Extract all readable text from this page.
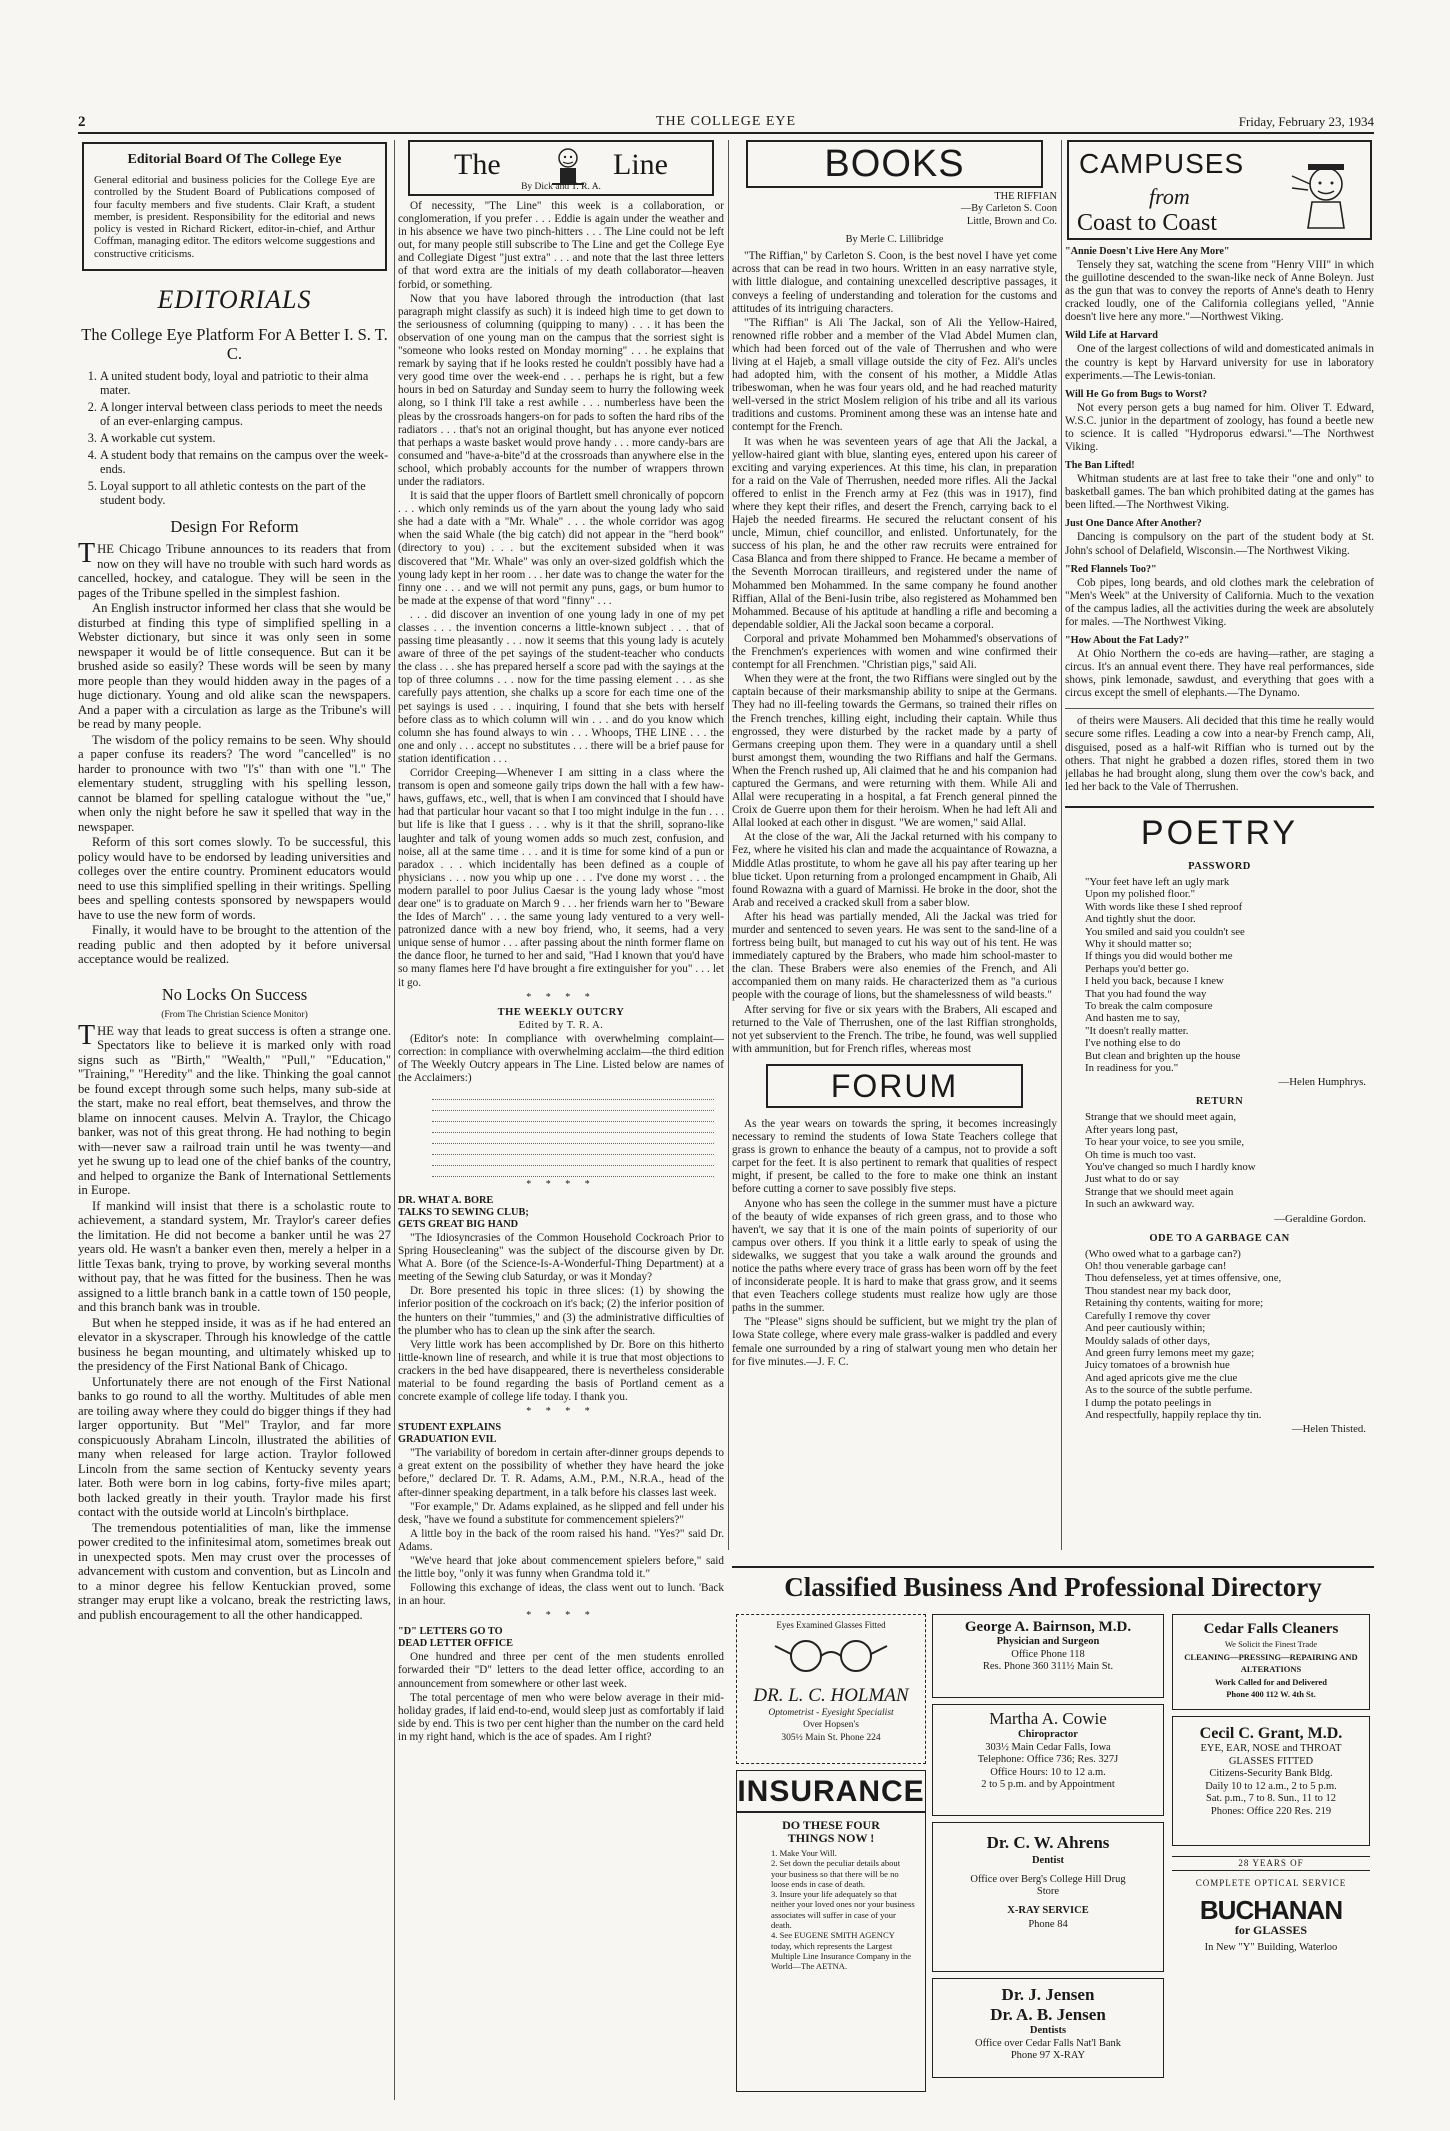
2	THE COLLEGE EYE	Friday, February 23, 1934
Editorial Board Of The College Eye

General editorial and business policies for the College Eye are controlled by the Student Board of Publications composed of four faculty members and five students. Clair Kraft, a student member, is president. Responsibility for the editorial and news policy is vested in Richard Rickert, editor-in-chief, and Arthur Coffman, managing editor. The editors welcome suggestions and constructive criticisms.

EDITORIALS
The College Eye Platform For A Better I. S. T. C.
1. A united student body, loyal and patriotic to their alma mater.
2. A longer interval between class periods to meet the needs of an ever-enlarging campus.
3. A workable cut system.
4. A student body that remains on the campus over the week-ends.
5. Loyal support to all athletic contests on the part of the student body.
Design For Reform

THE Chicago Tribune announces to its readers that from now on they will have no trouble with such hard words as cancelled, hockey, and catalogue. They will be seen in the pages of the Tribune spelled in the simplest fashion.

An English instructor informed her class that she would be disturbed at finding this type of simplified spelling in a Webster dictionary, but since it was only seen in some newspaper it would be of little consequence. But can it be brushed aside so easily? These words will be seen by many more people than they would hidden away in the pages of a huge dictionary. Young and old alike scan the newspapers. And a paper with a circulation as large as the Tribune's will be read by many people.

The wisdom of the policy remains to be seen. Why should a paper confuse its readers? The word "cancelled" is no harder to pronounce with two "l's" than with one "l." The elementary student, struggling with his spelling lesson, cannot be blamed for spelling catalogue without the "ue," when only the night before he saw it spelled that way in the newspaper.

Reform of this sort comes slowly. To be successful, this policy would have to be endorsed by leading universities and colleges over the entire country. Prominent educators would need to use this simplified spelling in their writings. Spelling bees and spelling contests sponsored by newspapers would have to use the new form of words.

Finally, it would have to be brought to the attention of the reading public and then adopted by it before universal acceptance would be realized.

No Locks On Success
(From The Christian Science Monitor)

THE way that leads to great success is often a strange one. Spectators like to believe it is marked only with road signs such as "Birth," "Wealth," "Pull," "Education," "Training," "Heredity" and the like. Thinking the goal cannot be found except through some such helps, many sub-side at the start, make no real effort, beat themselves, and throw the blame on innocent causes. Melvin A. Traylor, the Chicago banker, was not of this great throng. He had nothing to begin with—never saw a railroad train until he was twenty—and yet he swung up to lead one of the chief banks of the country, and helped to organize the Bank of International Settlements in Europe.

If mankind will insist that there is a scholastic route to achievement, a standard system, Mr. Traylor's career defies the limitation. He did not become a banker until he was 27 years old. He wasn't a banker even then, merely a helper in a little Texas bank, trying to prove, by working several months without pay, that he was fitted for the business. Then he was assigned to a little branch bank in a cattle town of 150 people, and this branch bank was in trouble.

But when he stepped inside, it was as if he had entered an elevator in a skyscraper. Through his knowledge of the cattle business he began mounting, and ultimately whisked up to the presidency of the First National Bank of Chicago.

Unfortunately there are not enough of the First National banks to go round to all the worthy. Multitudes of able men are toiling away where they could do bigger things if they had larger opportunity. But "Mel" Traylor, and far more conspicuously Abraham Lincoln, illustrated the abilities of many when released for large action. Traylor followed Lincoln from the same section of Kentucky seventy years later. Both were born in log cabins, forty-five miles apart; both lacked greatly in their youth. Traylor made his first contact with the outside world at Lincoln's birthplace.

The tremendous potentialities of man, like the immense power credited to the infinitesimal atom, sometimes break out in unexpected spots. Men may crust over the processes of advancement with custom and convention, but as Lincoln and to a minor degree his fellow Kentuckian proved, some stranger may erupt like a volcano, break the restricting laws, and publish encouragement to all the other handicapped.

The	Line
By Dick and T. R. A.

Of necessity, "The Line" this week is a collaboration, or conglomeration, if you prefer . . . Eddie is again under the weather and in his absence we have two pinch-hitters . . . The Line could not be left out, for many people still subscribe to The Line and get the College Eye and Collegiate Digest "just extra" . . . and note that the last three letters of that word extra are the initials of my death collaborator—heaven forbid, or something.

Now that you have labored through the introduction (that last paragraph might classify as such) it is indeed high time to get down to the seriousness of columning (quipping to many) . . . it has been the observation of one young man on the campus that the sorriest sight is "someone who looks rested on Monday morning" . . . he explains that remark by saying that if he looks rested he couldn't possibly have had a very good time over the week-end . . . perhaps he is right, but a few hours in bed on Saturday and Sunday seem to hurry the following week along, so I think I'll take a rest awhile . . . numberless have been the pleas by the crossroads hangers-on for pads to soften the hard ribs of the radiators . . . that's not an original thought, but has anyone ever noticed that perhaps a waste basket would prove handy . . . more candy-bars are consumed and "have-a-bite"d at the crossroads than anywhere else in the school, which probably accounts for the number of wrappers thrown under the radiators.

It is said that the upper floors of Bartlett smell chronically of popcorn . . . which only reminds us of the yarn about the young lady who said she had a date with a "Mr. Whale" . . . the whole corridor was agog when the said Whale (the big catch) did not appear in the "herd book" (directory to you) . . . but the excitement subsided when it was discovered that "Mr. Whale" was only an over-sized goldfish which the young lady kept in her room . . . her date was to change the water for the finny one . . . and we will not permit any puns, gags, or bum humor to be made at the expense of that word "finny" . . .

. . . did discover an invention of one young lady in one of my pet classes . . . the invention concerns a little-known subject . . . that of passing time pleasantly . . . now it seems that this young lady is acutely aware of three of the pet sayings of the student-teacher who conducts the class . . . she has prepared herself a score pad with the sayings at the top of three columns . . . now for the time passing element . . . as she carefully pays attention, she chalks up a score for each time one of the pet sayings is used . . . inquiring, I found that she bets with herself before class as to which column will win . . . and do you know which column she has found always to win . . . Whoops, THE LINE . . . the one and only . . . accept no substitutes . . . there will be a brief pause for station identification . . .

Corridor Creeping—Whenever I am sitting in a class where the transom is open and someone gaily trips down the hall with a few haw-haws, guffaws, etc., well, that is when I am convinced that I should have had that particular hour vacant so that I too might indulge in the fun . . . but life is like that I guess . . . why is it that the shrill, soprano-like laughter and talk of young women adds so much zest, confusion, and noise, all at the same time . . . and it is time for some kind of a pun or paradox . . . which incidentally has been defined as a couple of physicians . . . now you whip up one . . . I've done my worst . . . the modern parallel to poor Julius Caesar is the young lady whose "most dear one" is to graduate on March 9 . . . her friends warn her to "Beware the Ides of March" . . . the same young lady ventured to a very well-patronized dance with a new boy friend, who, it seems, had a very unique sense of humor . . . after passing about the ninth former flame on the dance floor, he turned to her and said, "Had I known that you'd have so many flames here I'd have brought a fire extinguisher for you" . . . let it go.

* * * *
THE WEEKLY OUTCRY
Edited by T. R. A.

(Editor's note: In compliance with overwhelming complaint—correction: in compliance with overwhelming acclaim—the third edition of The Weekly Outcry appears in The Line. Listed below are names of the Acclaimers:)

* * * *
DR. WHAT A. BORE
TALKS TO SEWING CLUB;
GETS GREAT BIG HAND

"The Idiosyncrasies of the Common Household Cockroach Prior to Spring Housecleaning" was the subject of the discourse given by Dr. What A. Bore (of the Science-Is-A-Wonderful-Thing Department) at a meeting of the Sewing club Saturday, or was it Monday?

Dr. Bore presented his topic in three slices: (1) by showing the inferior position of the cockroach on it's back; (2) the inferior position of the hunters on their "tummies," and (3) the administrative difficulties of the plumber who has to clean up the sink after the search.

Very little work has been accomplished by Dr. Bore on this hitherto little-known line of research, and while it is true that most objections to crackers in the bed have disappeared, there is nevertheless considerable material to be found regarding the basis of Portland cement as a concrete example of college life today. I thank you.

* * * *
STUDENT EXPLAINS
GRADUATION EVIL

"The variability of boredom in certain after-dinner groups depends to a great extent on the possibility of whether they have heard the joke before," declared Dr. T. R. Adams, A.M., P.M., N.R.A., head of the after-dinner speaking department, in a talk before his classes last week.

"For example," Dr. Adams explained, as he slipped and fell under his desk, "have we found a substitute for commencement spielers?"

A little boy in the back of the room raised his hand. "Yes?" said Dr. Adams.

"We've heard that joke about commencement spielers before," said the little boy, "only it was funny when Grandma told it."

Following this exchange of ideas, the class went out to lunch. 'Back in an hour.

* * * *
"D" LETTERS GO TO
DEAD LETTER OFFICE

One hundred and three per cent of the men students enrolled forwarded their "D" letters to the dead letter office, according to an announcement from somewhere or other last week.

The total percentage of men who were below average in their mid-holiday grades, if laid end-to-end, would sleep just as comfortably if laid side by end. This is two per cent higher than the number on the card held in my right hand, which is the ace of spades. Am I right?

BOOKS
THE RIFFIAN
—By Carleton S. Coon
Little, Brown and Co.
By Merle C. Lillibridge

"The Riffian," by Carleton S. Coon, is the best novel I have yet come across that can be read in two hours. Written in an easy narrative style, with little dialogue, and containing unexcelled descriptive passages, it conveys a feeling of understanding and toleration for the customs and attitudes of its intriguing characters.

"The Riffian" is Ali The Jackal, son of Ali the Yellow-Haired, renowned rifle robber and a member of the Vlad Abdel Mumen clan, which had been forced out of the vale of Therrushen and who were living at el Hajeb, a small village outside the city of Fez. Ali's uncles had adopted him, with the consent of his mother, a Middle Atlas tribeswoman, when he was four years old, and he had reached maturity well-versed in the strict Moslem religion of his tribe and all its various traditions and customs. Prominent among these was an intense hate and contempt for the French.

It was when he was seventeen years of age that Ali the Jackal, a yellow-haired giant with blue, slanting eyes, entered upon his career of exciting and varying experiences. At this time, his clan, in preparation for a raid on the Vale of Therrushen, needed more rifles. Ali the Jackal offered to enlist in the French army at Fez (this was in 1917), find where they kept their rifles, and desert the French, carrying back to el Hajeb the needed firearms. He secured the reluctant consent of his uncle, Mimun, chief councillor, and enlisted. Unfortunately, for the success of his plan, he and the other raw recruits were entrained for Casa Blanca and from there shipped to France. He became a member of the Seventh Morrocan tirailleurs, and registered under the name of Mohammed ben Mohammed. In the same company he found another Riffian, Allal of the Beni-Iusin tribe, also registered as Mohammed ben Mohammed. Because of his aptitude at handling a rifle and becoming a dependable soldier, Ali the Jackal soon became a corporal.

Corporal and private Mohammed ben Mohammed's observations of the Frenchmen's experiences with women and wine confirmed their contempt for all Frenchmen. "Christian pigs," said Ali.

When they were at the front, the two Riffians were singled out by the captain because of their marksmanship ability to snipe at the Germans. They had no ill-feeling towards the Germans, so trained their rifles on the French trenches, killing eight, including their captain. While thus engrossed, they were disturbed by the racket made by a party of Germans creeping upon them. They were in a quandary until a shell burst amongst them, wounding the two Riffians and half the Germans. When the French rushed up, Ali claimed that he and his companion had captured the Germans, and were returning with them. While Ali and Allal were recuperating in a hospital, a fat French general pinned the Croix de Guerre upon them for their heroism. When he had left Ali and Allal looked at each other in disgust. "We are women," said Allal.

At the close of the war, Ali the Jackal returned with his company to Fez, where he visited his clan and made the acquaintance of Rowazna, a Middle Atlas prostitute, to whom he gave all his pay after tearing up her blue ticket. Upon returning from a prolonged encampment in Ghaib, Ali found Rowazna with a guard of Marnissi. He broke in the door, shot the Arab and received a cracked skull from a saber blow.

After his head was partially mended, Ali the Jackal was tried for murder and sentenced to seven years. He was sent to the sand-line of a fortress being built, but managed to cut his way out of his tent. He was immediately captured by the Brabers, who made him school-master to the clan. These Brabers were also enemies of the French, and Ali accompanied them on many raids. He characterized them as "a curious people with the courage of lions, but the shamelessness of wild beasts."

After serving for five or six years with the Brabers, Ali escaped and returned to the Vale of Therrushen, one of the last Riffian strongholds, not yet subservient to the French. The tribe, he found, was well supplied with ammunition, but for French rifles, whereas most

FORUM

As the year wears on towards the spring, it becomes increasingly necessary to remind the students of Iowa State Teachers college that grass is grown to enhance the beauty of a campus, not to provide a soft carpet for the feet. It is also pertinent to remark that qualities of respect might, if present, be called to the fore to make one think an instant before cutting a corner to save possibly five steps.

Anyone who has seen the college in the summer must have a picture of the beauty of wide expanses of rich green grass, and to those who haven't, we say that it is one of the main points of superiority of our campus over others. If you think it a little early to speak of using the sidewalks, we suggest that you take a walk around the grounds and notice the paths where every trace of grass has been worn off by the feet of inconsiderate people. It is hard to make that grass grow, and it seems that even Teachers college students must realize how ugly are those paths in the summer.

The "Please" signs should be sufficient, but we might try the plan of Iowa State college, where every male grass-walker is paddled and every female one surrounded by a ring of stalwart young men who detain her for five minutes.—J. F. C.

CAMPUSES
from
Coast to Coast
"Annie Doesn't Live Here Any More"

Tensely they sat, watching the scene from "Henry VIII" in which the guillotine descended to the swan-like neck of Anne Boleyn. Just as the gun that was to convey the reports of Anne's death to Henry cracked loudly, one of the California collegians yelled, "Annie doesn't live here any more."—Northwest Viking.

Wild Life at Harvard

One of the largest collections of wild and domesticated animals in the country is kept by Harvard university for use in laboratory experiments.—The Lewis-tonian.

Will He Go from Bugs to Worst?

Not every person gets a bug named for him. Oliver T. Edward, W.S.C. junior in the department of zoology, has found a beetle new to science. It is called "Hydroporus edwarsi."—The Northwest Viking.

The Ban Lifted!

Whitman students are at last free to take their "one and only" to basketball games. The ban which prohibited dating at the games has been lifted.—The Northwest Viking.

Just One Dance After Another?

Dancing is compulsory on the part of the student body at St. John's school of Delafield, Wisconsin.—The Northwest Viking.

"Red Flannels Too?"

Cob pipes, long beards, and old clothes mark the celebration of "Men's Week" at the University of California. Much to the vexation of the campus ladies, all the activities during the week are absolutely for males. —The Northwest Viking.

"How About the Fat Lady?"

At Ohio Northern the co-eds are having—rather, are staging a circus. It's an annual event there. They have real performances, side shows, pink lemonade, sawdust, and everything that goes with a circus except the smell of elephants.—The Dynamo.

of theirs were Mausers. Ali decided that this time he really would secure some rifles. Leading a cow into a near-by French camp, Ali, disguised, posed as a half-wit Riffian who is turned out by the others. That night he grabbed a dozen rifles, stored them in two jellabas he had brought along, slung them over the cow's back, and led her back to the Vale of Therrushen.

POETRY
PASSWORD
"Your feet have left an ugly mark
Upon my polished floor."
With words like these I shed reproof
And tightly shut the door.
You smiled and said you couldn't see
Why it should matter so;
If things you did would bother me
Perhaps you'd better go.
I held you back, because I knew
That you had found the way
To break the calm composure
And hasten me to say,
"It doesn't really matter.
I've nothing else to do
But clean and brighten up the house
In readiness for you."
—Helen Humphrys.
RETURN
Strange that we should meet again,
After years long past,
To hear your voice, to see you smile,
Oh time is much too vast.
You've changed so much I hardly know
Just what to do or say
Strange that we should meet again
In such an awkward way.
—Geraldine Gordon.
ODE TO A GARBAGE CAN
(Who owed what to a garbage can?)
Oh! thou venerable garbage can!
Thou defenseless, yet at times offensive, one,
Thou standest near my back door,
Retaining thy contents, waiting for more;
Carefully I remove thy cover
And peer cautiously within;
Mouldy salads of other days,
And green furry lemons meet my gaze;
Juicy tomatoes of a brownish hue
And aged apricots give me the clue
As to the source of the subtle perfume.
I dump the potato peelings in
And respectfully, happily replace thy tin.
—Helen Thisted.
Classified Business And Professional Directory
Eyes Examined Glasses Fitted
DR. L. C. HOLMAN
Optometrist - Eyesight Specialist
Over Hopsen's
305½ Main St. Phone 224
George A. Bairnson, M.D.
Physician and Surgeon
Office Phone 118
Res. Phone 360 311½ Main St.
Cedar Falls Cleaners
We Solicit the Finest Trade
CLEANING—PRESSING—REPAIRING AND ALTERATIONS
Work Called for and Delivered
Phone 400 112 W. 4th St.
Martha A. Cowie
Chiropractor
303½ Main Cedar Falls, Iowa
Telephone: Office 736; Res. 327J
Office Hours: 10 to 12 a.m.
2 to 5 p.m. and by Appointment
Cecil C. Grant, M.D.
EYE, EAR, NOSE and THROAT
GLASSES FITTED
Citizens-Security Bank Bldg.
Daily 10 to 12 a.m., 2 to 5 p.m.
Sat. p.m., 7 to 8. Sun., 11 to 12
Phones: Office 220 Res. 219
INSURANCE
DO THESE FOUR
THINGS NOW !
1. Make Your Will.
2. Set down the peculiar details about your business so that there will be no loose ends in case of death.
3. Insure your life adequately so that neither your loved ones nor your business associates will suffer in case of your death.
4. See EUGENE SMITH AGENCY today, which represents the Largest Multiple Line Insurance Company in the World—The AETNA.
Dr. C. W. Ahrens
Dentist
Office over Berg's College Hill Drug Store
X-RAY SERVICE
Phone 84
28 YEARS OF
COMPLETE OPTICAL SERVICE
BUCHANAN
for GLASSES
In New "Y" Building, Waterloo
Dr. J. Jensen
Dr. A. B. Jensen
Dentists
Office over Cedar Falls Nat'l Bank
Phone 97 X-RAY
